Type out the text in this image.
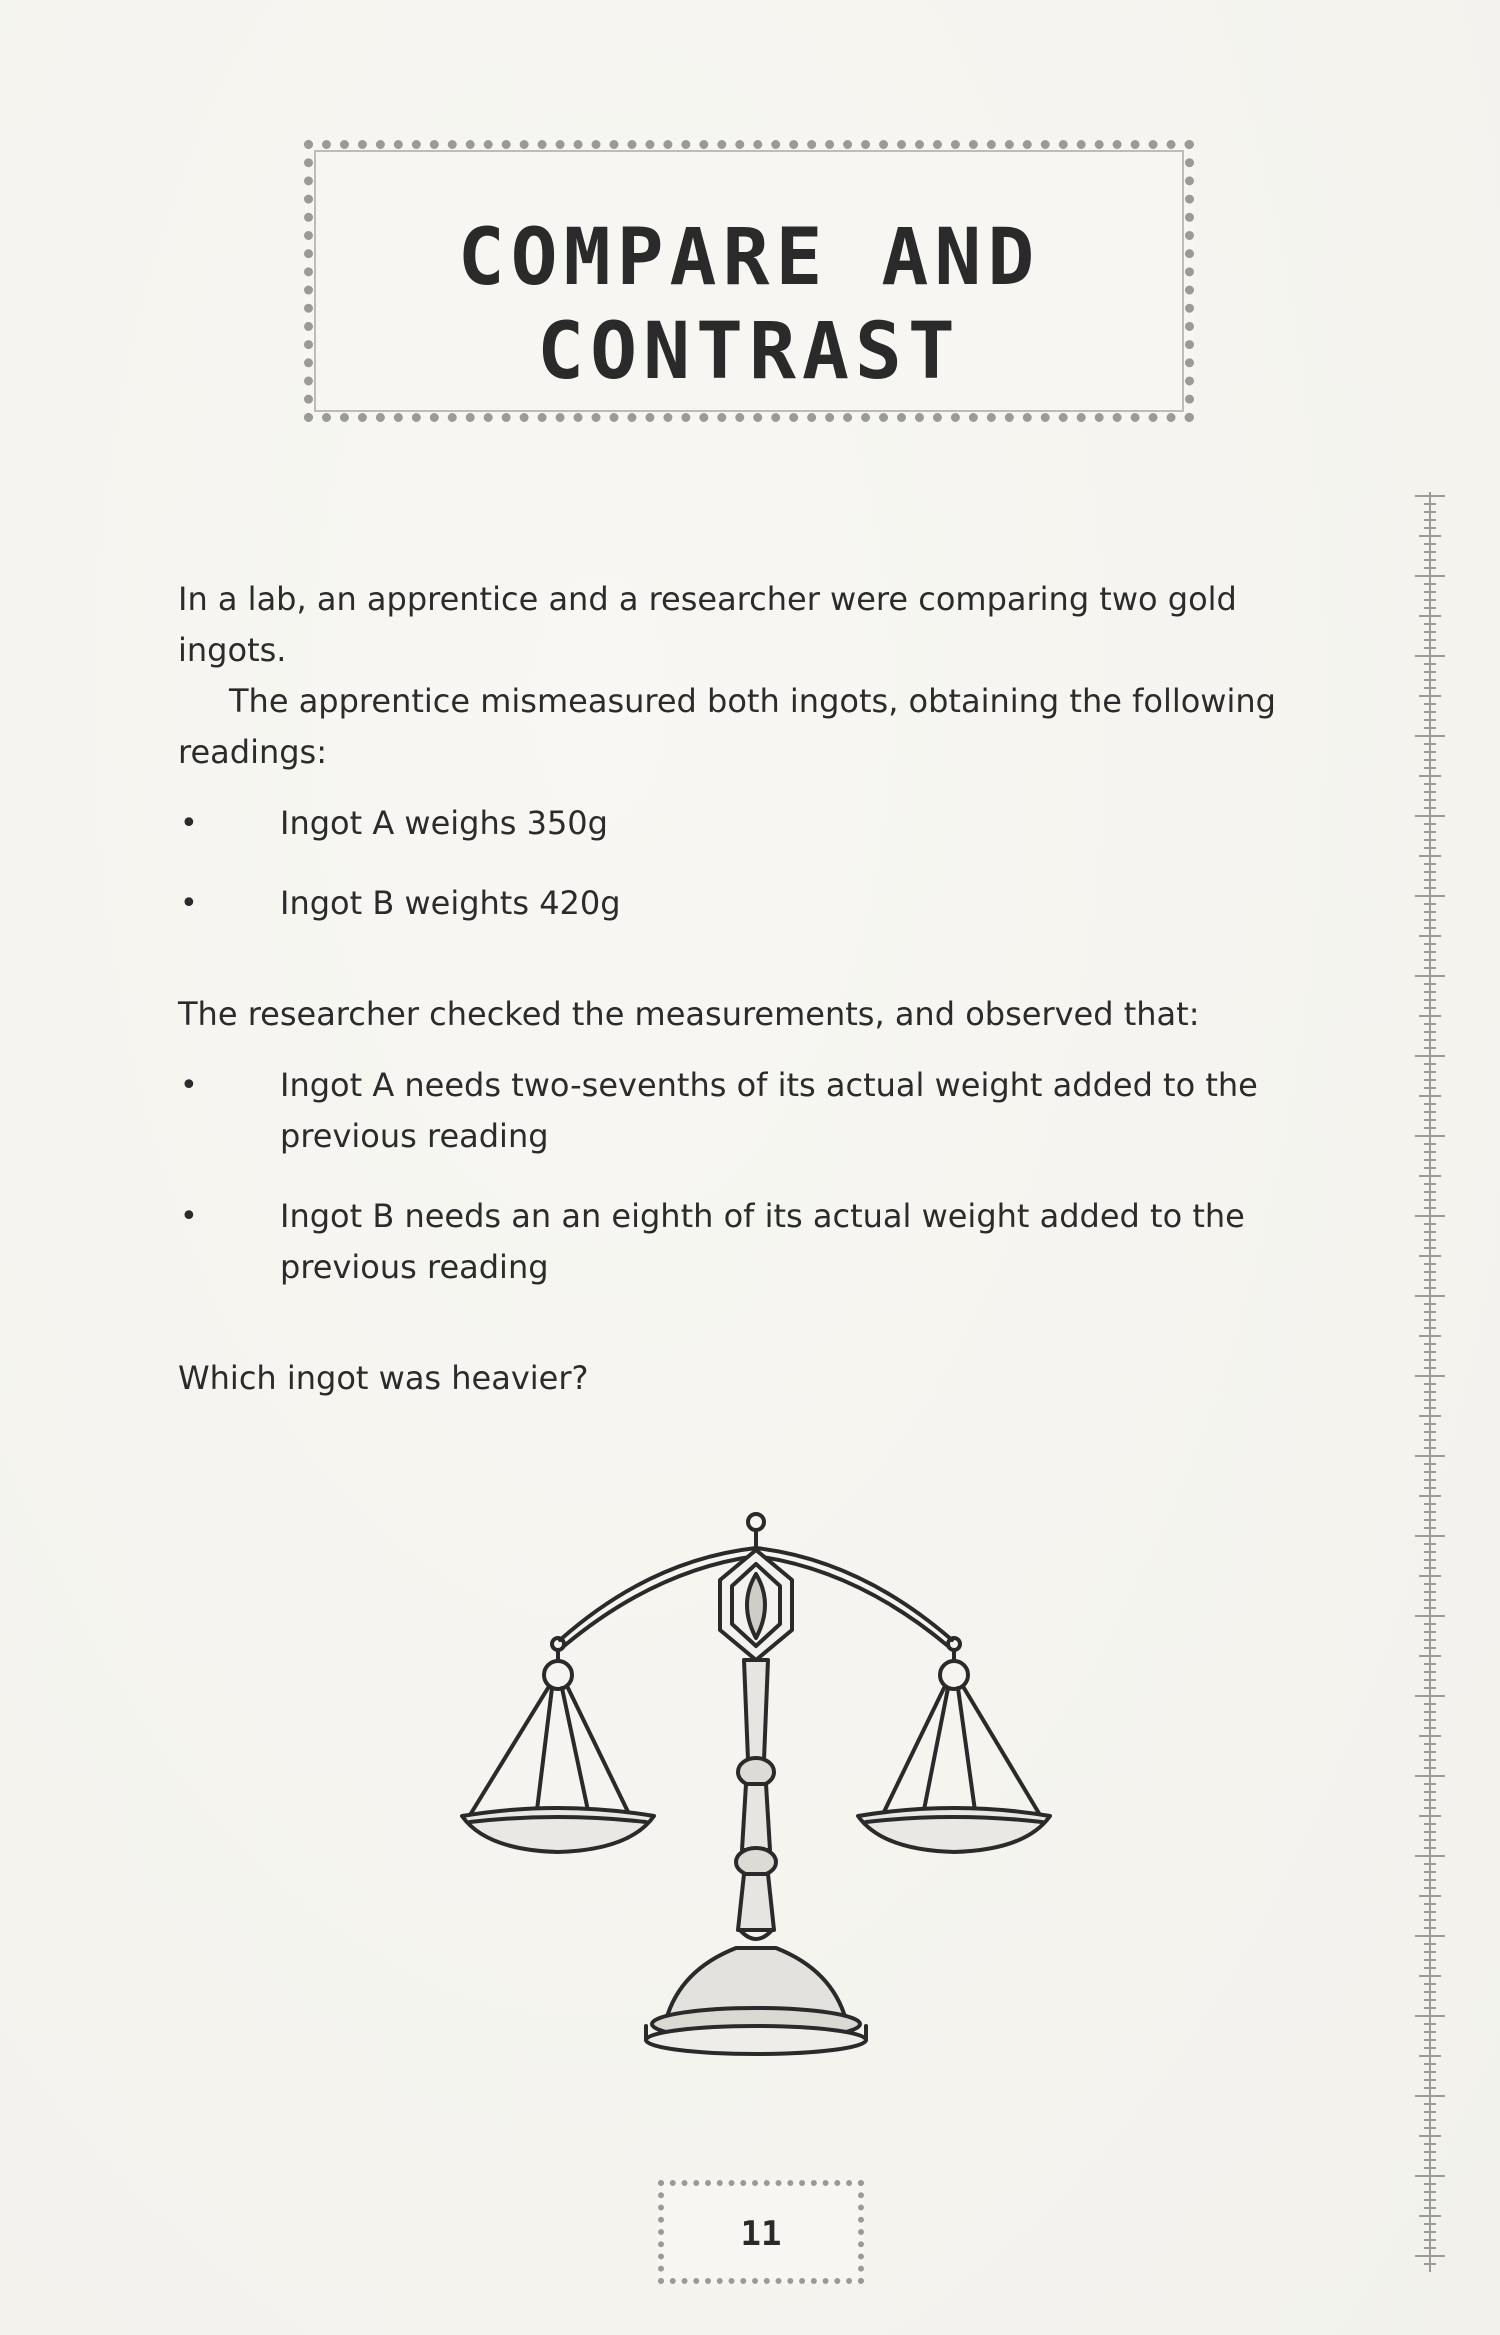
COMPARE AND
CONTRAST

In a lab, an apprentice and a researcher were comparing two gold ingots.
The apprentice mismeasured both ingots, obtaining the following readings:

•	Ingot A weighs 350g
•	Ingot B weights 420g

The researcher checked the measurements, and observed that:

•	Ingot A needs two-sevenths of its actual weight added to the previous reading
•	Ingot B needs an an eighth of its actual weight added to the previous reading

Which ingot was heavier?

11
